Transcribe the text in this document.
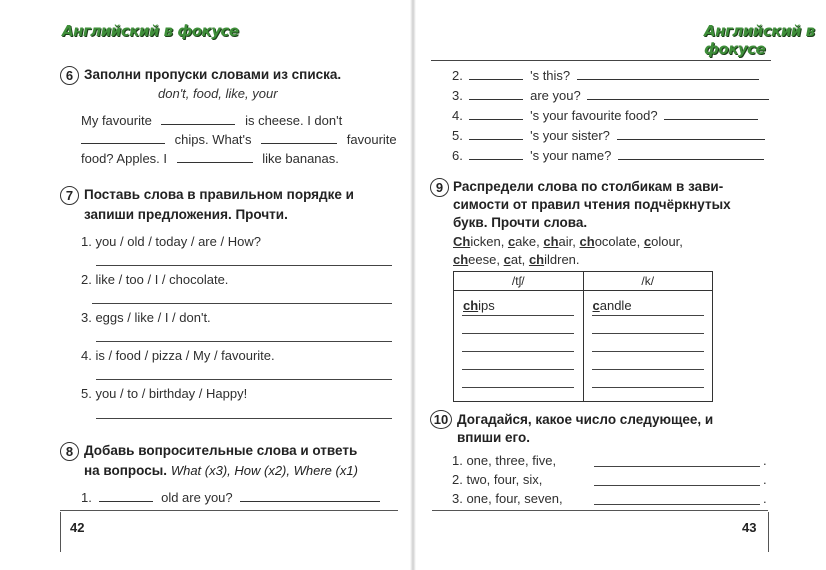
Английский в фокусе
6 Заполни пропуски словами из списка.
don't, food, like, your
My favourite	is cheese. I don't
chips. What's	favourite
food? Apples. I	like bananas.
7 Поставь слова в правильном порядке и
запиши предложения. Прочти.
1. you / old / today / are / How?
2. like / too / I / chocolate.
3. eggs / like / I / don't.
4. is / food / pizza / My / favourite.
5. you / to / birthday / Happy!
8 Добавь вопросительные слова и ответь
на вопросы. What (x3), How (x2), Where (x1)
1.	old are you?
42
Английский в фокусе
2.	's this?
3.	are you?
4.	's your favourite food?
5.	's your sister?
6.	's your name?
9 Распредели слова по столбикам в зави-
симости от правил чтения подчёркнутых
букв. Прочти слова.
Chicken, cake, chair, chocolate, colour,
cheese, cat, children.
/tʃ/	/k/

chips	candle
10 Догадайся, какое число следующее, и
впиши его.
1. one, three, five,	.
2. two, four, six,	.
3. one, four, seven,	.
43
